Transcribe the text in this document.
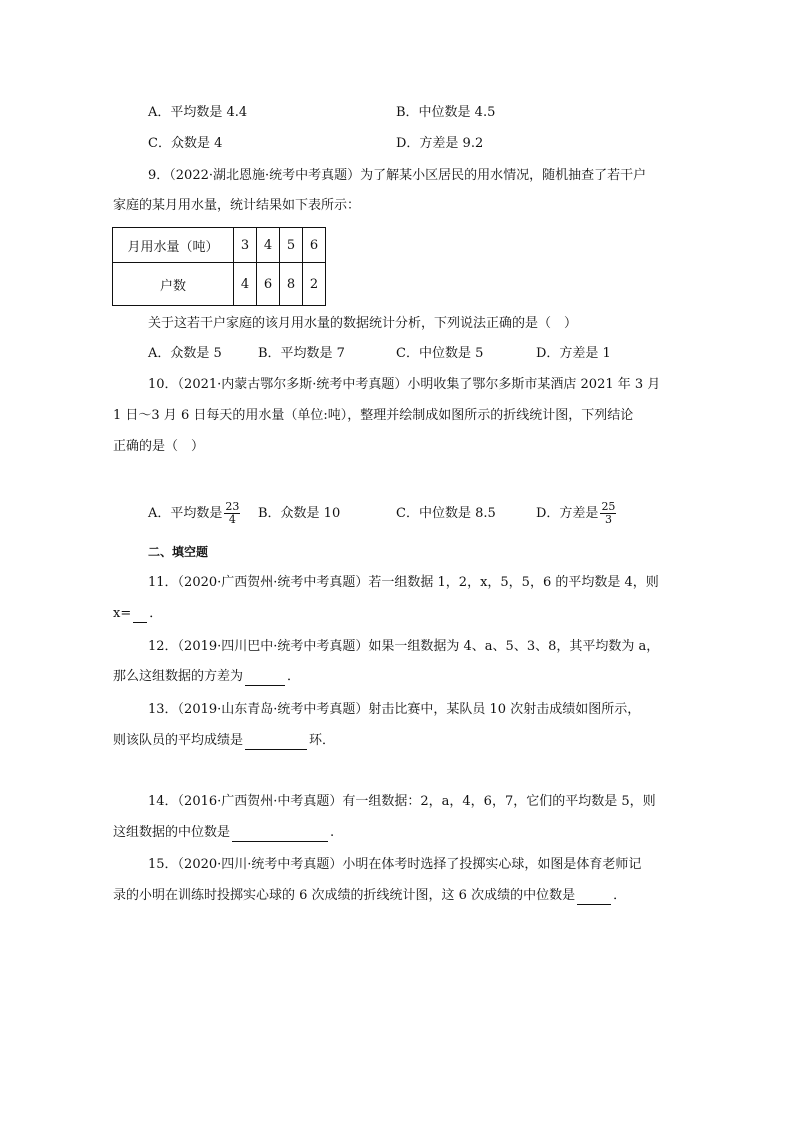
A．平均数是 4.4	B．中位数是 4.5
C．众数是 4	D．方差是 9.2
9．（2022·湖北恩施·统考中考真题）为了解某小区居民的用水情况，随机抽查了若干户
家庭的某月用水量，统计结果如下表所示：
月用水量（吨）	3	4	5	6
户数	4	6	8	2
关于这若干户家庭的该月用水量的数据统计分析，下列说法正确的是（　）
A．众数是 5	B．平均数是 7	C．中位数是 5	D．方差是 1
10．（2021·内蒙古鄂尔多斯·统考中考真题）小明收集了鄂尔多斯市某酒店 2021 年 3 月
1 日～3 月 6 日每天的用水量（单位:吨），整理并绘制成如图所示的折线统计图，下列结论
正确的是（　）
A．平均数是 $\frac{23}{4}$ B．众数是 10	C．中位数是 8.5	D．方差是 $\frac{25}{3}$
二、填空题
11．（2020·广西贺州·统考中考真题）若一组数据 1，2，x，5，5，6 的平均数是 4，则
x= ．
12．（2019·四川巴中·统考中考真题）如果一组数据为 4、a、5、3、8，其平均数为 a，
那么这组数据的方差为	．
13．（2019·山东青岛·统考中考真题）射击比赛中，某队员 10 次射击成绩如图所示，
则该队员的平均成绩是	环．
14．（2016·广西贺州·中考真题）有一组数据：2，a，4，6，7，它们的平均数是 5，则
这组数据的中位数是	.
15．（2020·四川·统考中考真题）小明在体考时选择了投掷实心球，如图是体育老师记
录的小明在训练时投掷实心球的 6 次成绩的折线统计图，这 6 次成绩的中位数是	．
